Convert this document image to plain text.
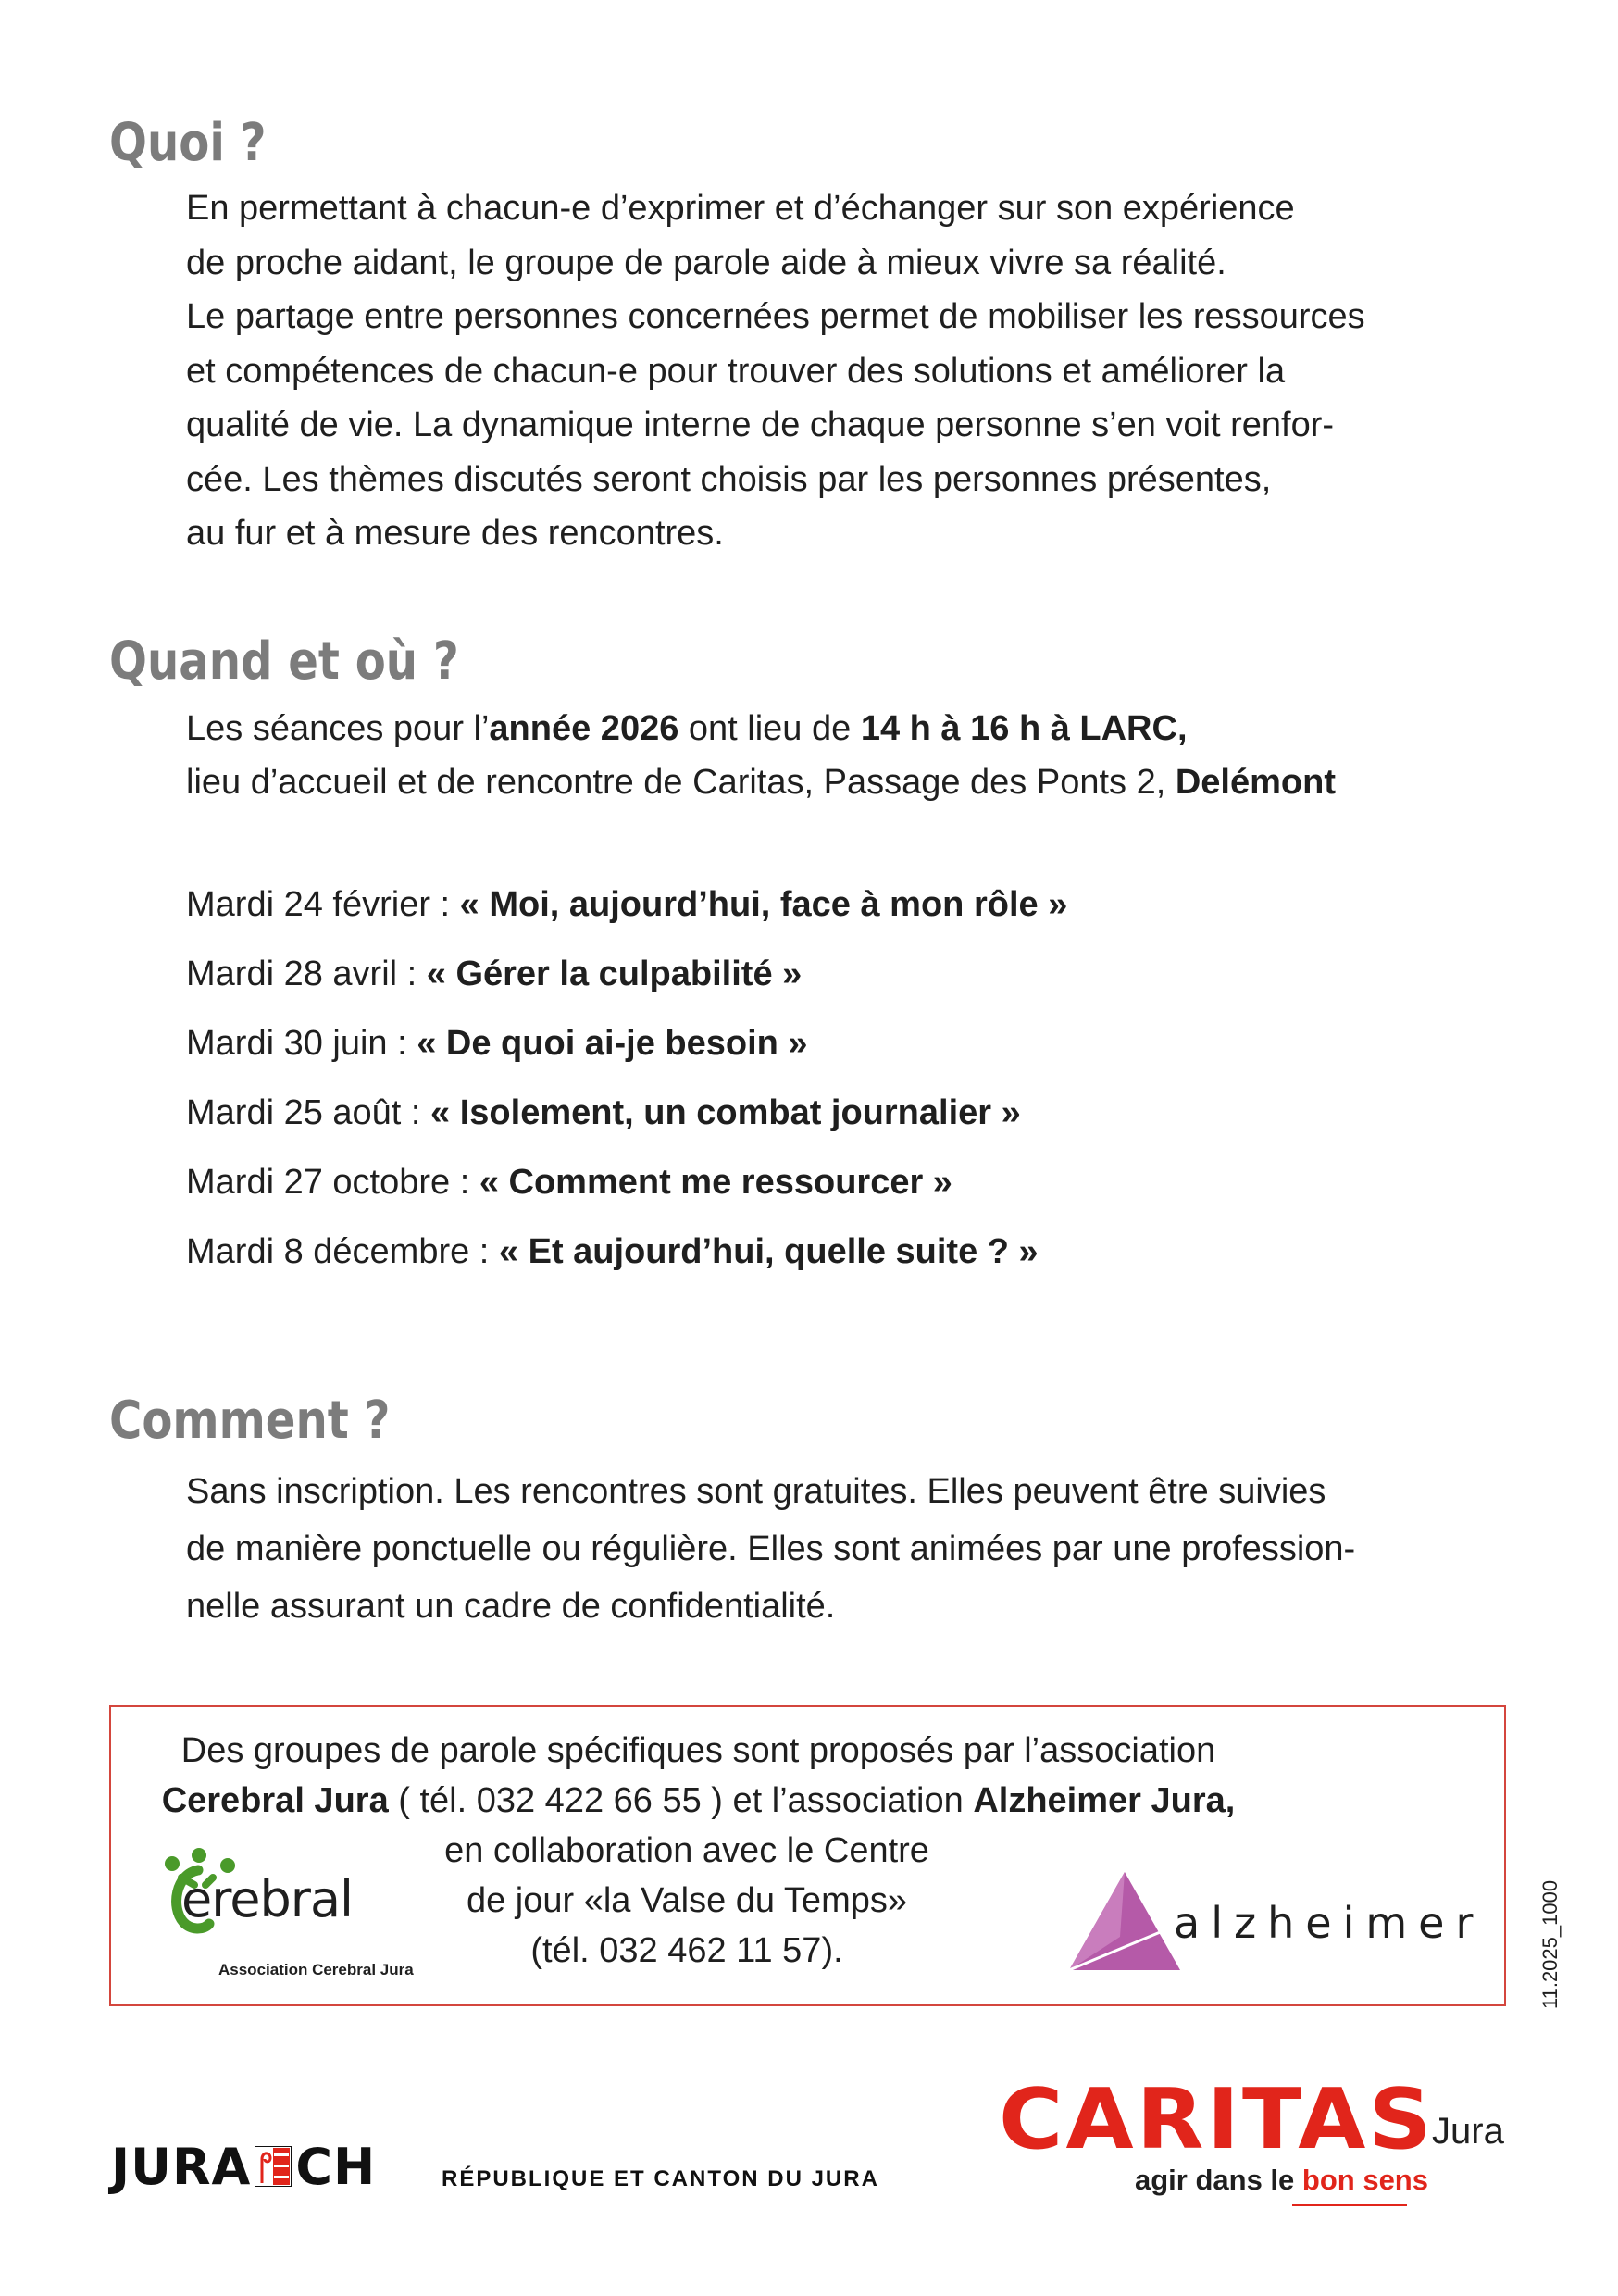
Quoi ?

En permettant à chacun-e d’exprimer et d’échanger sur son expérience
de proche aidant, le groupe de parole aide à mieux vivre sa réalité.
Le partage entre personnes concernées permet de mobiliser les ressources
et compétences de chacun-e pour trouver des solutions et améliorer la
qualité de vie. La dynamique interne de chaque personne s’en voit renfor-
cée. Les thèmes discutés seront choisis par les personnes présentes,
au fur et à mesure des rencontres.

Quand et où ?

Les séances pour l’année 2026 ont lieu de 14 h à 16 h à LARC,
lieu d’accueil et de rencontre de Caritas, Passage des Ponts 2, Delémont

Mardi 24 février : « Moi, aujourd’hui, face à mon rôle »
Mardi 28 avril : « Gérer la culpabilité »
Mardi 30 juin : « De quoi ai-je besoin »
Mardi 25 août : « Isolement, un combat journalier »
Mardi 27 octobre : « Comment me ressourcer »
Mardi 8 décembre : « Et aujourd’hui, quelle suite ? »
Comment ?

Sans inscription. Les rencontres sont gratuites. Elles peuvent être suivies
de manière ponctuelle ou régulière. Elles sont animées par une profession-
nelle assurant un cadre de confidentialité.

Des groupes de parole spécifiques sont proposés par l’association
Cerebral Jura ( tél. 032 422 66 55 ) et l’association Alzheimer Jura,
en collaboration avec le Centre
de jour «la Valse du Temps»
(tél. 032 462 11 57).
erebral
Association Cerebral Jura
alzheimer	11.2025_1000
JURA CH	RÉPUBLIQUE ET CANTON DU JURA
CARITAS
Jura
agir dans le bon sens
